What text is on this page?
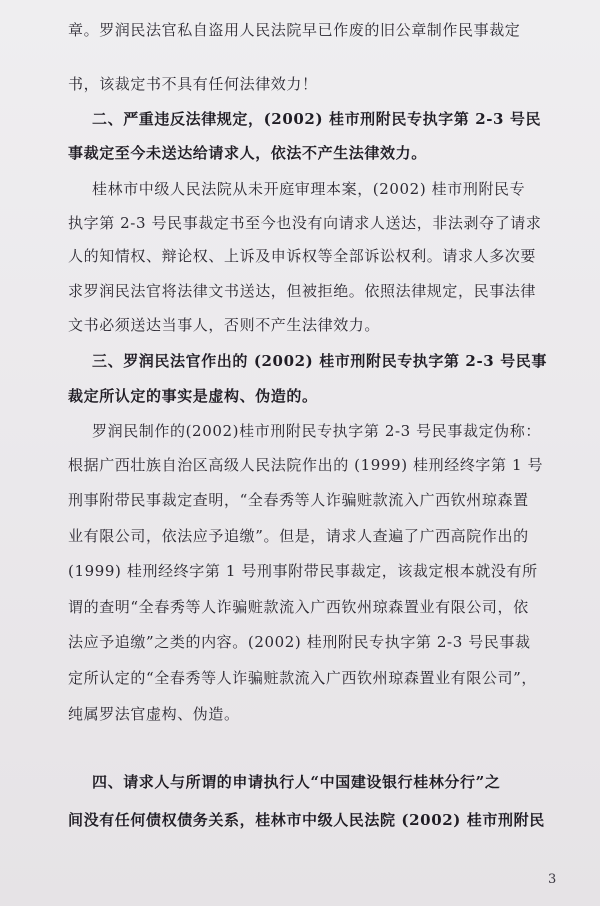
章。罗润民法官私自盗用人民法院早已作废的旧公章制作民事裁定
书，该裁定书不具有任何法律效力！
二、严重违反法律规定，(2002) 桂市刑附民专执字第 2-3 号民
事裁定至今未送达给请求人，依法不产生法律效力。
桂林市中级人民法院从未开庭审理本案，(2002) 桂市刑附民专
执字第 2-3 号民事裁定书至今也没有向请求人送达，非法剥夺了请求
人的知情权、辩论权、上诉及申诉权等全部诉讼权利。请求人多次要
求罗润民法官将法律文书送达，但被拒绝。依照法律规定，民事法律
文书必须送达当事人，否则不产生法律效力。
三、罗润民法官作出的 (2002) 桂市刑附民专执字第 2-3 号民事
裁定所认定的事实是虚构、伪造的。
罗润民制作的(2002)桂市刑附民专执字第 2-3 号民事裁定伪称：
根据广西壮族自治区高级人民法院作出的 (1999) 桂刑经终字第 1 号
刑事附带民事裁定查明，“全春秀等人诈骗赃款流入广西钦州琼森置
业有限公司，依法应予追缴”。但是，请求人查遍了广西高院作出的
(1999) 桂刑经终字第 1 号刑事附带民事裁定，该裁定根本就没有所
谓的查明“全春秀等人诈骗赃款流入广西钦州琼森置业有限公司，依
法应予追缴”之类的内容。(2002) 桂刑附民专执字第 2-3 号民事裁
定所认定的“全春秀等人诈骗赃款流入广西钦州琼森置业有限公司”，
纯属罗法官虚构、伪造。
四、请求人与所谓的申请执行人“中国建设银行桂林分行”之
间没有任何债权债务关系，桂林市中级人民法院 (2002) 桂市刑附民
3
